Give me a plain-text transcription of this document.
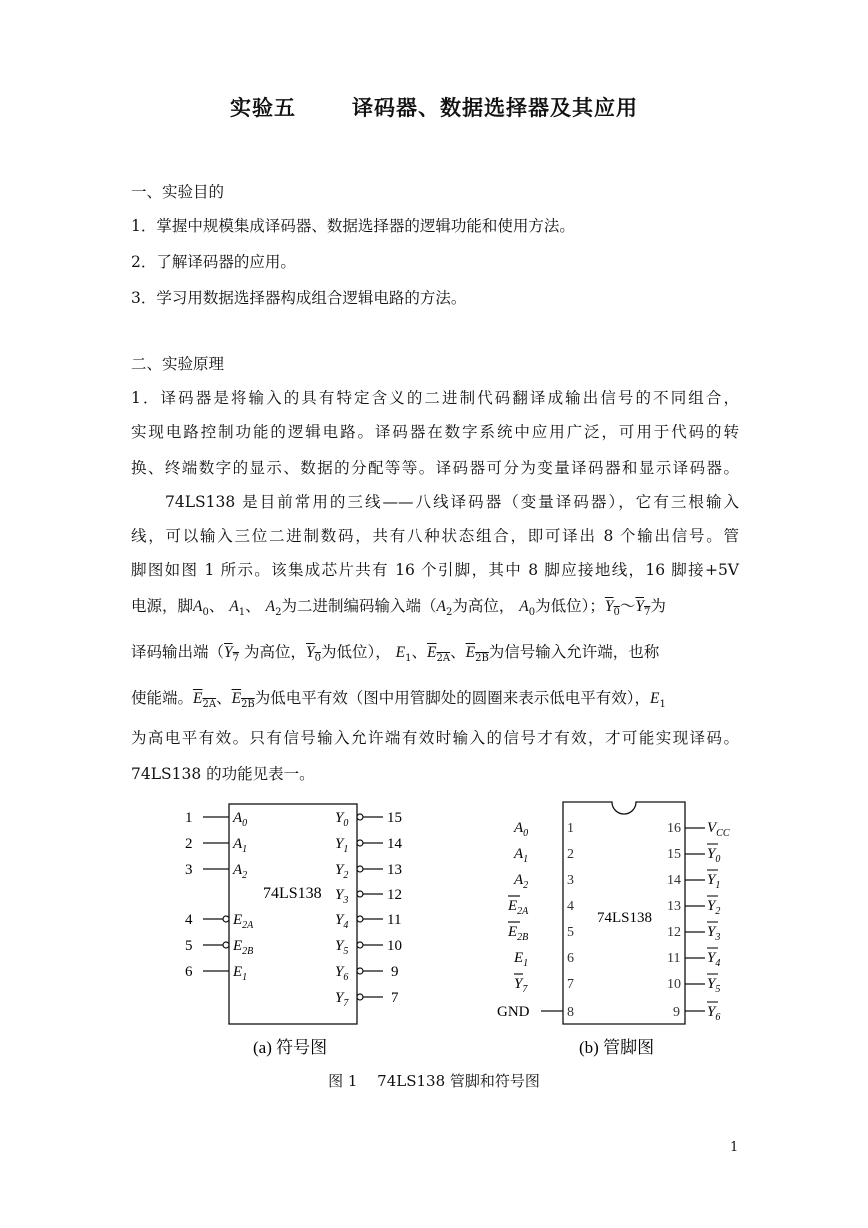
实验五	译码器、数据选择器及其应用
一、实验目的
1．掌握中规模集成译码器、数据选择器的逻辑功能和使用方法。
2．了解译码器的应用。
3．学习用数据选择器构成组合逻辑电路的方法。
二、实验原理
1．译码器是将输入的具有特定含义的二进制代码翻译成输出信号的不同组合，
实现电路控制功能的逻辑电路。译码器在数字系统中应用广泛，可用于代码的转
换、终端数字的显示、数据的分配等等。译码器可分为变量译码器和显示译码器。
74LS138 是目前常用的三线——八线译码器（变量译码器），它有三根输入
线，可以输入三位二进制数码，共有八种状态组合，即可译出 8 个输出信号。管
脚图如图 1 所示。该集成芯片共有 16 个引脚，其中 8 脚应接地线，16 脚接+5V
电源，脚$A_0$、 $A_1$、 $A_2$为二进制编码输入端（$A_2$为高位， $A_0$为低位）；$Y_0\sim Y_7$为
译码输出端（$Y_7$ 为高位，$Y_0$为低位）， $E_1$、$E_{2A}$、$E_{2B}$为信号输入允许端，也称
使能端。$E_{2A}$、$E_{2B}$为低电平有效（图中用管脚处的圆圈来表示低电平有效），$E_1$
为高电平有效。只有信号输入允许端有效时输入的信号才有效，才可能实现译码。
74LS138 的功能见表一。
74LS138
1
2
3
4
5
6
$A_0$
$A_1$
$A_2$
$E_{2A}$
$E_{2B}$
$E_1$
$Y_0$
$Y_1$
$Y_2$
$Y_3$
$Y_4$
$Y_5$
$Y_6$
$Y_7$
15
14
13
12
11
10
9
7
(a) 符号图
74LS138
$A_0$
$A_1$
$A_2$
$E_{2A}$
$E_{2B}$
$E_1$
$Y_7$
GND
1
2
3
4
5
6
7
8
16
15
14
13
12
11
10
9
$V_{CC}$
$Y_0$
$Y_1$
$Y_2$
$Y_3$
$Y_4$
$Y_5$
$Y_6$
(b) 管脚图
图 1　 74LS138 管脚和符号图
1
